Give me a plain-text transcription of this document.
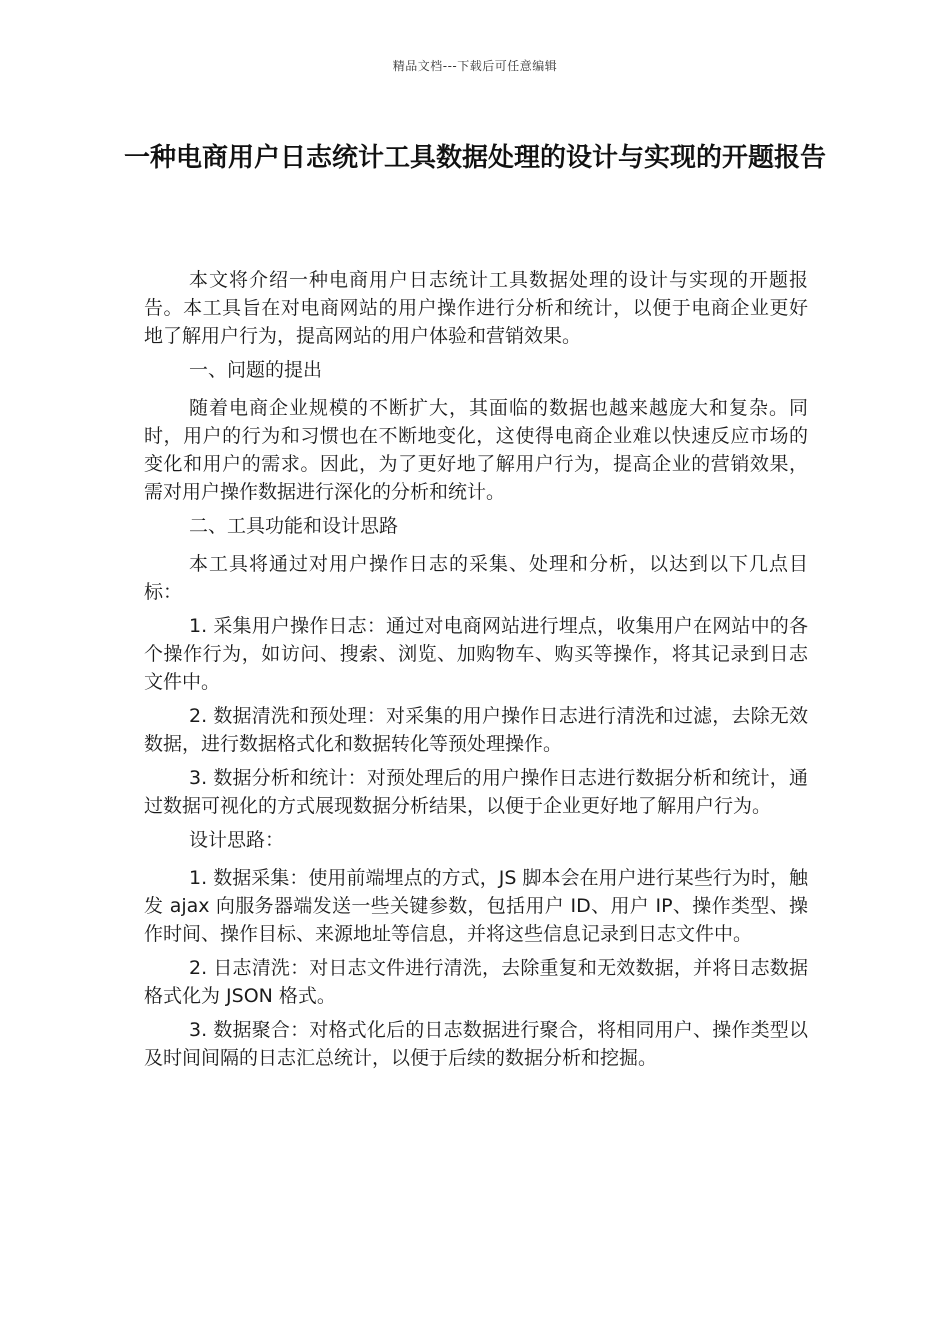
精品文档---下载后可任意编辑
一种电商用户日志统计工具数据处理的设计与实现的开题报告

本文将介绍一种电商用户日志统计工具数据处理的设计与实现的开题报告。本工具旨在对电商网站的用户操作进行分析和统计，以便于电商企业更好地了解用户行为，提高网站的用户体验和营销效果。

一、问题的提出

随着电商企业规模的不断扩大，其面临的数据也越来越庞大和复杂。同时，用户的行为和习惯也在不断地变化，这使得电商企业难以快速反应市场的变化和用户的需求。因此，为了更好地了解用户行为，提高企业的营销效果，需对用户操作数据进行深化的分析和统计。

二、工具功能和设计思路

本工具将通过对用户操作日志的采集、处理和分析，以达到以下几点目标：

1. 采集用户操作日志：通过对电商网站进行埋点，收集用户在网站中的各个操作行为，如访问、搜索、浏览、加购物车、购买等操作，将其记录到日志文件中。

2. 数据清洗和预处理：对采集的用户操作日志进行清洗和过滤，去除无效数据，进行数据格式化和数据转化等预处理操作。

3. 数据分析和统计：对预处理后的用户操作日志进行数据分析和统计，通过数据可视化的方式展现数据分析结果，以便于企业更好地了解用户行为。

设计思路：

1. 数据采集：使用前端埋点的方式，JS 脚本会在用户进行某些行为时，触发 ajax 向服务器端发送一些关键参数，包括用户 ID、用户 IP、操作类型、操作时间、操作目标、来源地址等信息，并将这些信息记录到日志文件中。

2. 日志清洗：对日志文件进行清洗，去除重复和无效数据，并将日志数据格式化为 JSON 格式。

3. 数据聚合：对格式化后的日志数据进行聚合，将相同用户、操作类型以及时间间隔的日志汇总统计，以便于后续的数据分析和挖掘。
